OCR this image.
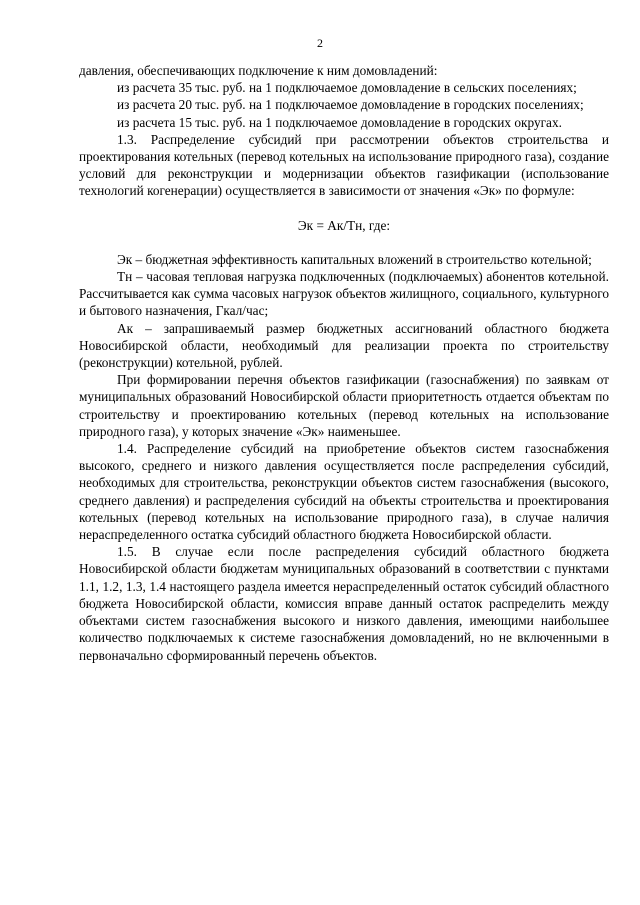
2

давления, обеспечивающих подключение к ним домовладений:

из расчета 35 тыс. руб. на 1 подключаемое домовладение в сельских поселениях;

из расчета 20 тыс. руб. на 1 подключаемое домовладение в городских поселениях;

из расчета 15 тыс. руб. на 1 подключаемое домовладение в городских округах.

1.3. Распределение субсидий при рассмотрении объектов строительства и проектирования котельных (перевод котельных на использование природного газа), создание условий для реконструкции и модернизации объектов газификации (использование технологий когенерации) осуществляется в зависимости от значения «Эк» по формуле:

Эк = Ак/Тн, где:

Эк – бюджетная эффективность капитальных вложений в строительство котельной;

Тн – часовая тепловая нагрузка подключенных (подключаемых) абонентов котельной. Рассчитывается как сумма часовых нагрузок объектов жилищного, социального, культурного и бытового назначения, Гкал/час;

Ак – запрашиваемый размер бюджетных ассигнований областного бюджета Новосибирской области, необходимый для реализации проекта по строительству (реконструкции) котельной, рублей.

При формировании перечня объектов газификации (газоснабжения) по заявкам от муниципальных образований Новосибирской области приоритетность отдается объектам по строительству и проектированию котельных (перевод котельных на использование природного газа), у которых значение «Эк» наименьшее.

1.4. Распределение субсидий на приобретение объектов систем газоснабжения высокого, среднего и низкого давления осуществляется после распределения субсидий, необходимых для строительства, реконструкции объектов систем газоснабжения (высокого, среднего давления) и распределения субсидий на объекты строительства и проектирования котельных (перевод котельных на использование природного газа), в случае наличия нераспределенного остатка субсидий областного бюджета Новосибирской области.

1.5. В случае если после распределения субсидий областного бюджета Новосибирской области бюджетам муниципальных образований в соответствии с пунктами 1.1, 1.2, 1.3, 1.4 настоящего раздела имеется нераспределенный остаток субсидий областного бюджета Новосибирской области, комиссия вправе данный остаток распределить между объектами систем газоснабжения высокого и низкого давления, имеющими наибольшее количество подключаемых к системе газоснабжения домовладений, но не включенными в первоначально сформированный перечень объектов.
